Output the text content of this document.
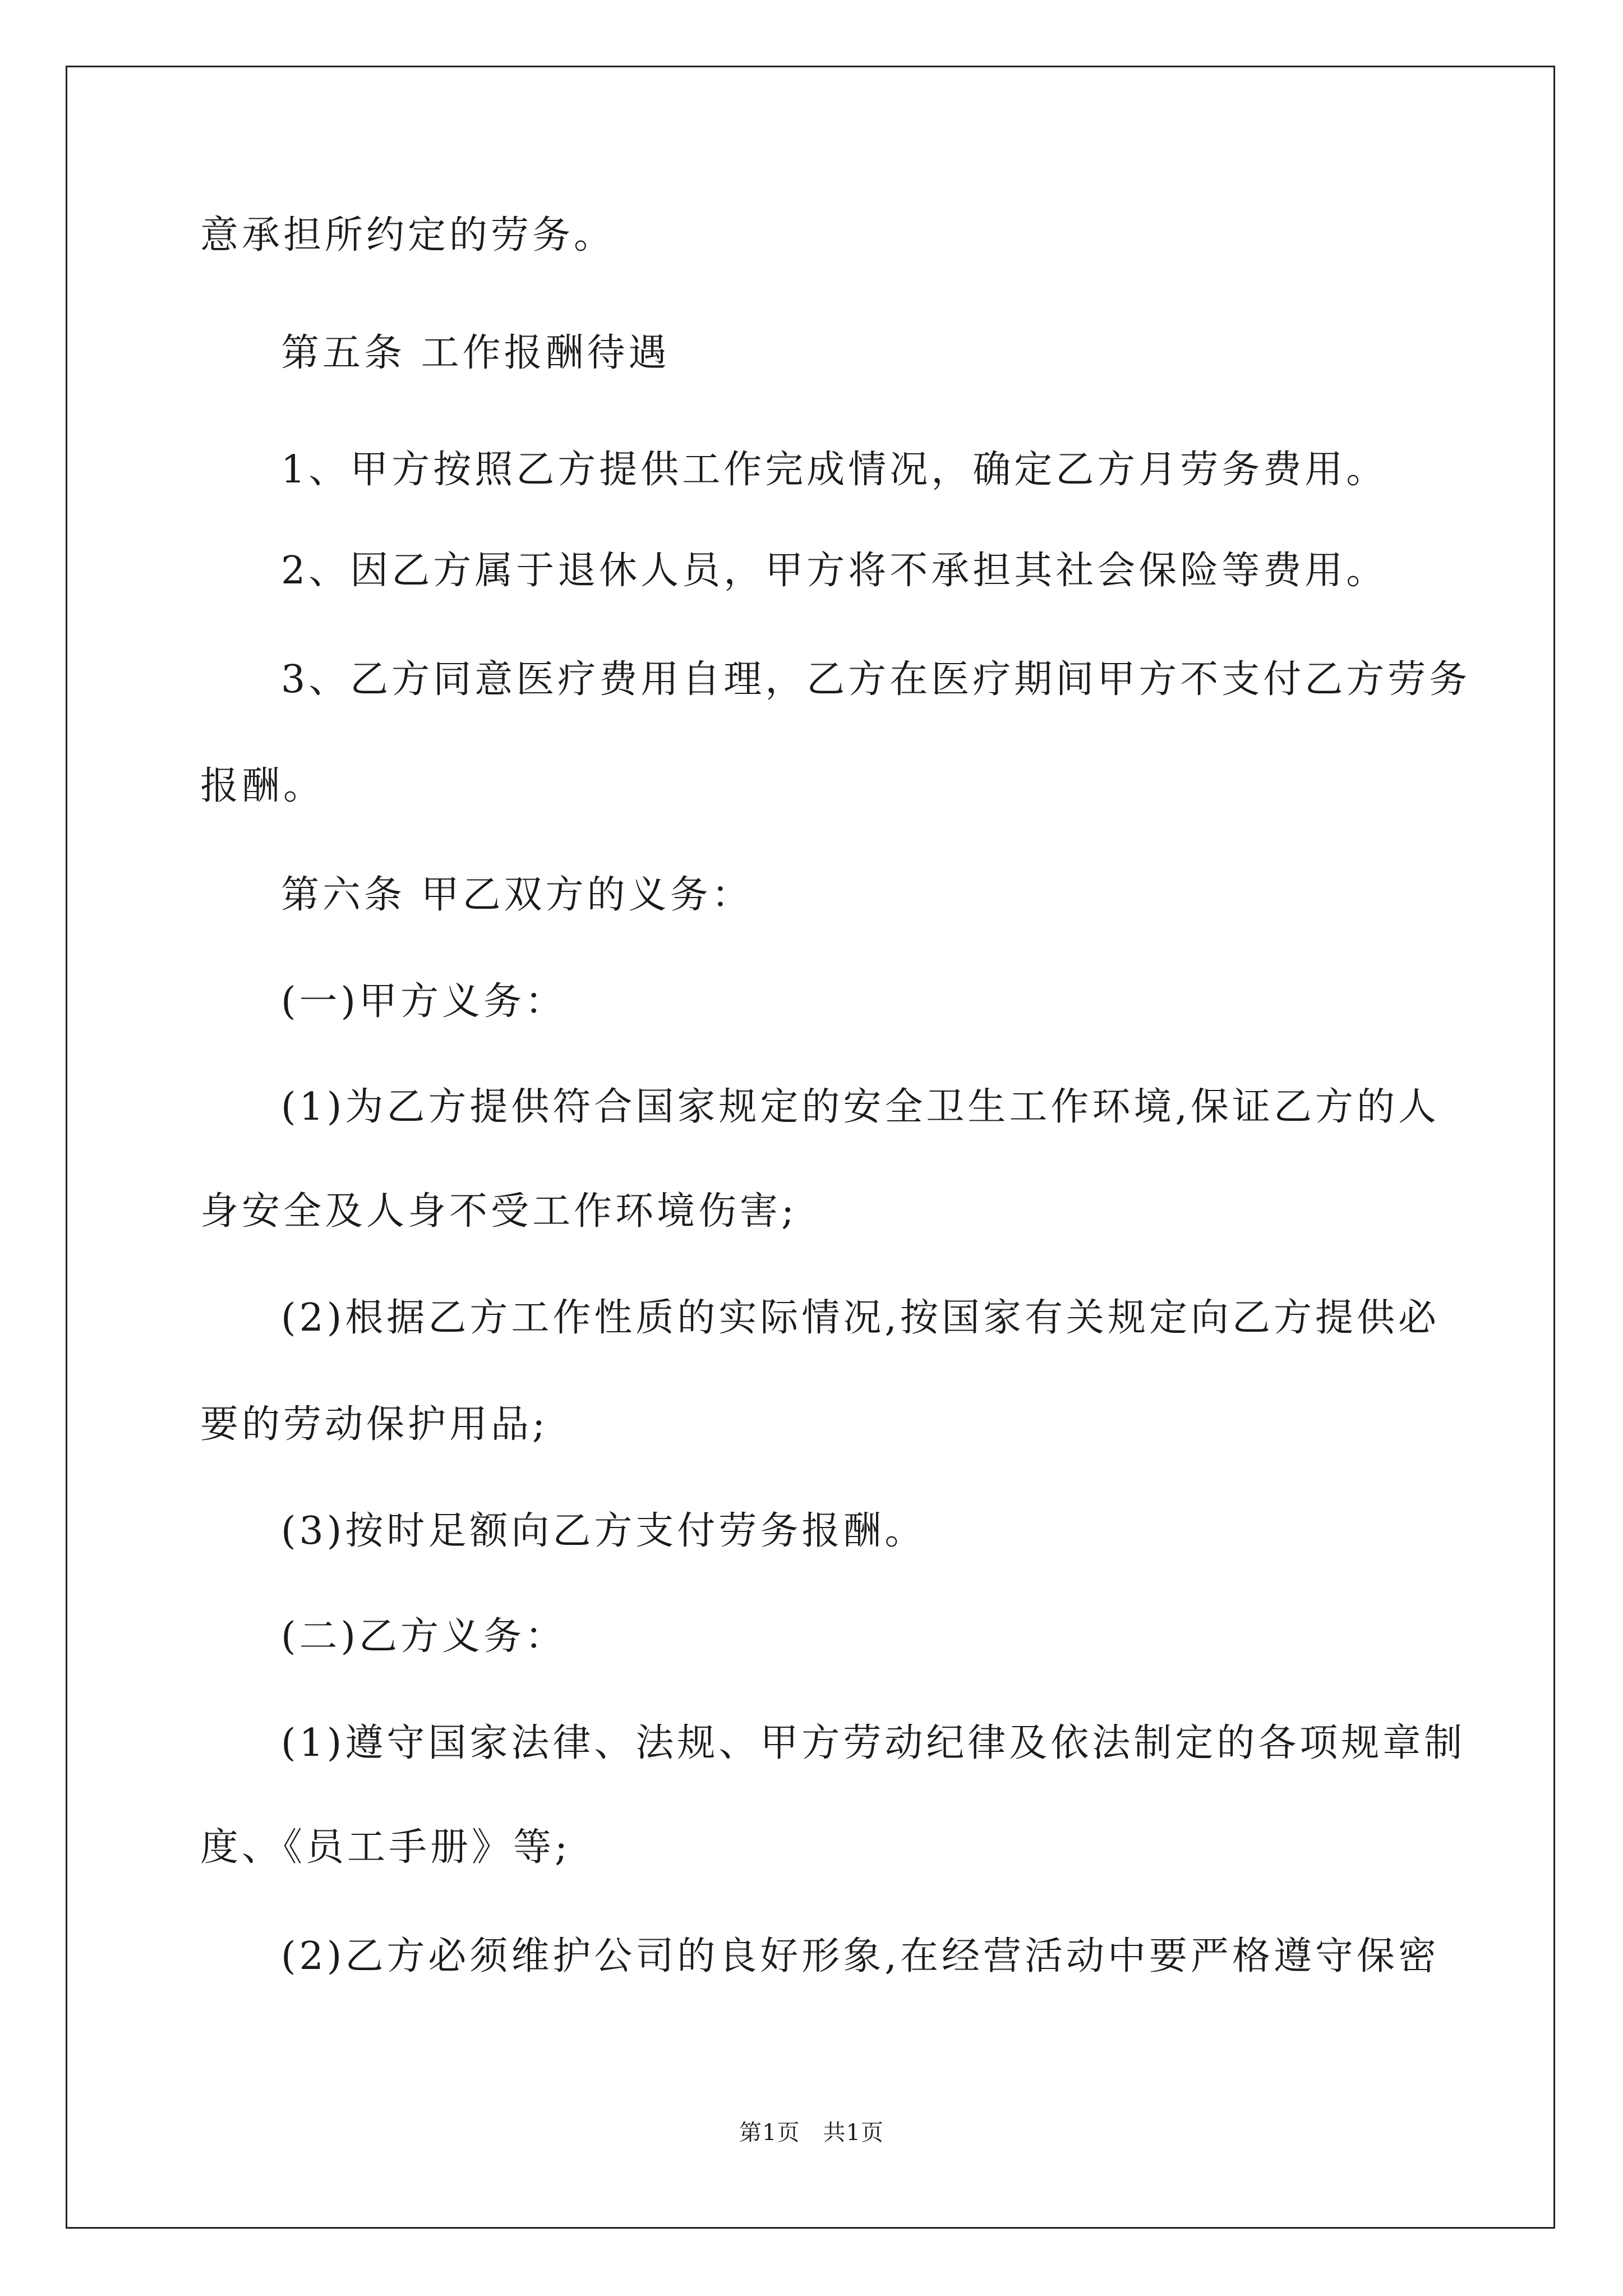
意承担所约定的劳务。
第五条 工作报酬待遇
1、甲方按照乙方提供工作完成情况，确定乙方月劳务费用。
2、因乙方属于退休人员，甲方将不承担其社会保险等费用。
3、乙方同意医疗费用自理，乙方在医疗期间甲方不支付乙方劳务
报酬。
第六条 甲乙双方的义务：
(一)甲方义务：
(1)为乙方提供符合国家规定的安全卫生工作环境,保证乙方的人
身安全及人身不受工作环境伤害;
(2)根据乙方工作性质的实际情况,按国家有关规定向乙方提供必
要的劳动保护用品;
(3)按时足额向乙方支付劳务报酬。
(二)乙方义务：
(1)遵守国家法律、法规、甲方劳动纪律及依法制定的各项规章制
度、《员工手册》等;
(2)乙方必须维护公司的良好形象,在经营活动中要严格遵守保密
第1页　共1页
